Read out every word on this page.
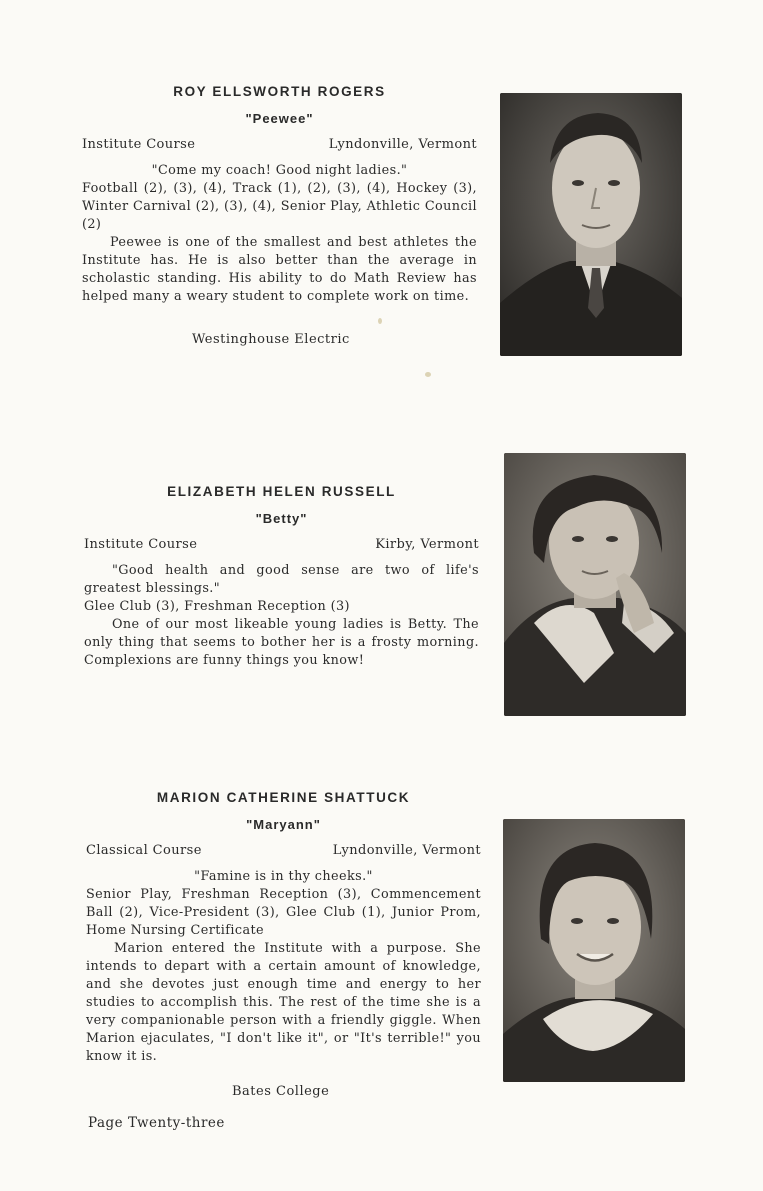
ROY ELLSWORTH ROGERS
"Peewee"
Institute Course	Lyndonville, Vermont

"Come my coach! Good night ladies."

Football (2), (3), (4), Track (1), (2), (3), (4), Hockey (3), Winter Carnival (2), (3), (4), Senior Play, Athletic Council (2)

Peewee is one of the smallest and best athletes the Institute has. He is also better than the average in scholastic standing. His ability to do Math Review has helped many a weary student to complete work on time.

Westinghouse Electric
ELIZABETH HELEN RUSSELL
"Betty"
Institute Course	Kirby, Vermont

"Good health and good sense are two of life's greatest blessings."

Glee Club (3), Freshman Reception (3)

One of our most likeable young ladies is Betty. The only thing that seems to bother her is a frosty morning. Complexions are funny things you know!

MARION CATHERINE SHATTUCK
"Maryann"
Classical Course	Lyndonville, Vermont

"Famine is in thy cheeks."

Senior Play, Freshman Reception (3), Commencement Ball (2), Vice-President (3), Glee Club (1), Junior Prom, Home Nursing Certificate

Marion entered the Institute with a purpose. She intends to depart with a certain amount of knowledge, and she devotes just enough time and energy to her studies to accomplish this. The rest of the time she is a very companionable person with a friendly giggle. When Marion ejaculates, "I don't like it", or "It's terrible!" you know it is.

Bates College
Page Twenty-three
